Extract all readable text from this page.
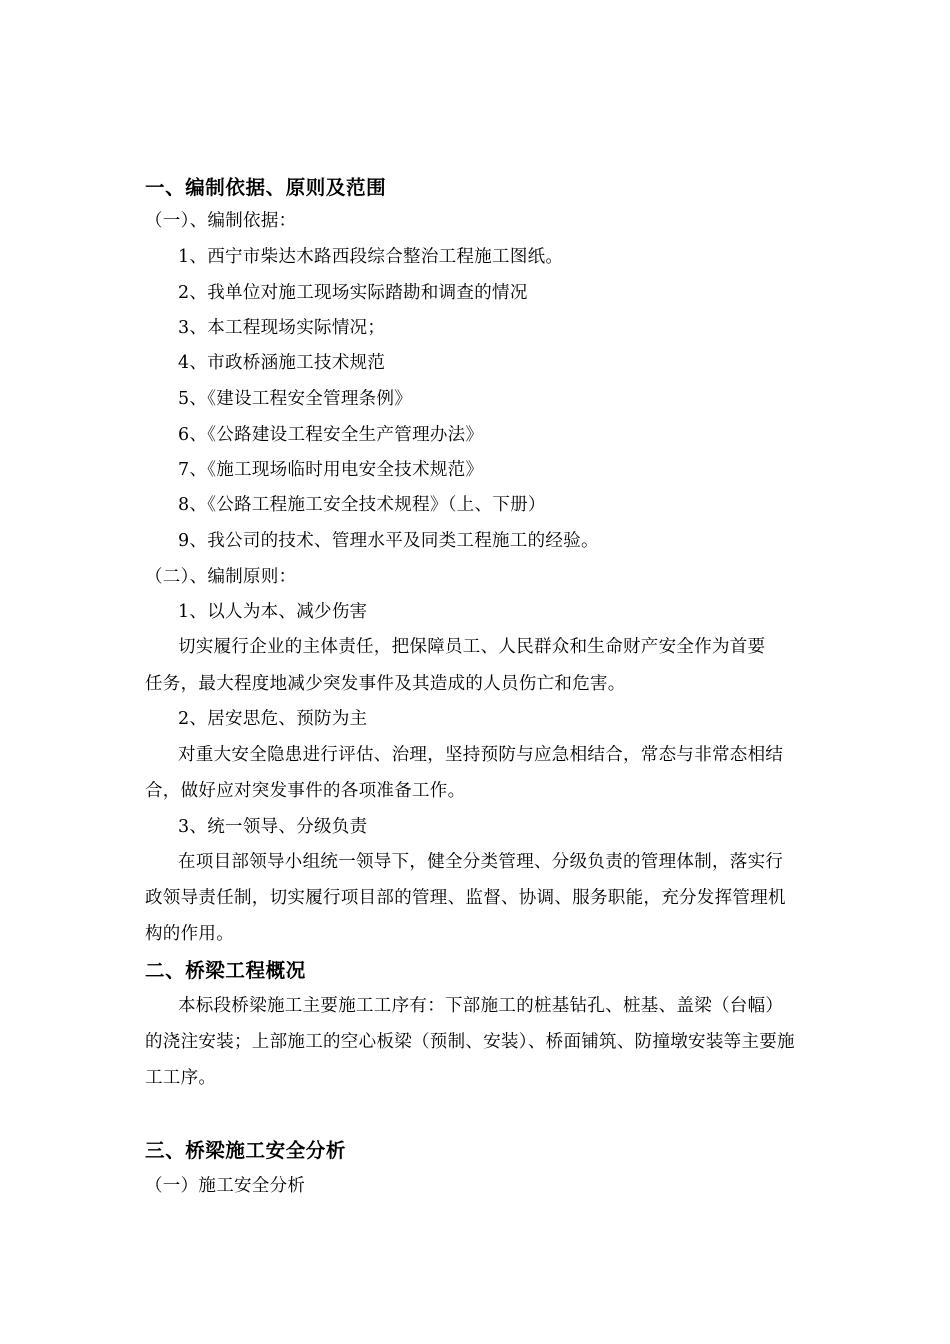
一、编制依据、原则及范围
（一）、编制依据：
1、西宁市柴达木路西段综合整治工程施工图纸。
2、我单位对施工现场实际踏勘和调查的情况
3、本工程现场实际情况；
4、市政桥涵施工技术规范
5、《建设工程安全管理条例》
6、《公路建设工程安全生产管理办法》
7、《施工现场临时用电安全技术规范》
8、《公路工程施工安全技术规程》（上、下册）
9、我公司的技术、管理水平及同类工程施工的经验。
（二）、编制原则：
1、以人为本、减少伤害
切实履行企业的主体责任，把保障员工、人民群众和生命财产安全作为首要
任务，最大程度地减少突发事件及其造成的人员伤亡和危害。
2、居安思危、预防为主
对重大安全隐患进行评估、治理，坚持预防与应急相结合，常态与非常态相结
合，做好应对突发事件的各项准备工作。
3、统一领导、分级负责
在项目部领导小组统一领导下，健全分类管理、分级负责的管理体制，落实行
政领导责任制，切实履行项目部的管理、监督、协调、服务职能，充分发挥管理机
构的作用。
二、桥梁工程概况
本标段桥梁施工主要施工工序有：下部施工的桩基钻孔、桩基、盖梁（台幅）
的浇注安装；上部施工的空心板梁（预制、安装）、桥面铺筑、防撞墩安装等主要施
工工序。
三、桥梁施工安全分析
（一）施工安全分析
